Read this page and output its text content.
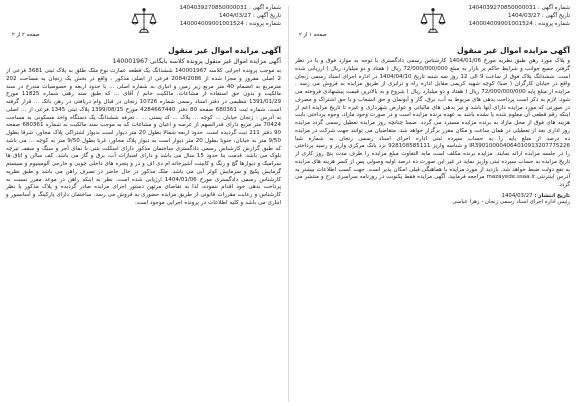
شماره آگهی : 1404039270850000031
تاریخ آگهی : 1404/03/27
شماره پرونده : 140004009001001524
صفحه ۱ از ۲
آگهی مزایده اموال غیر منقول

و پلاک مورد رهن طبق نظریه مورخ 1404/01/06 کارشناس رسمی دادگستری با توجه به موارد فوق و با در نظر گرفتن جمیع جوانب و شرایط حاکم بر بازار به مبلغ 72/000/000/000 ریال ( هفتاد و دو میلیارد ریال ) ارزیابی شده است. ششدانگ پلاک فوق از ساعت 9 الی 12 روز سه شنبه تاریخ 1404/04/10 در اداره اجرای اسناد رسمی زنجان واقع در خیابان کارگران ( ضیا) کوچه شهید کریمی مقابل اداره راه و ترابری از طریق مزایده به فروش می رسد . مزایده از مبلغ پایه 72/000/000/000 ریال ( هفتاد و دو میلیارد ریال ) شروع و به بالاترین قیمت پیشنهادی فروخته می شود. لازم به ذکر است پرداخت بدهی های مربوط به آب، برق، گاز و آبونمان و حق انشعاب و یا حق اشتراک و مصرف در صورتی که مورد مزایده دارای آنها باشد و نیز بدهی های مالیاتی و عوارض شهرداری و غیره تا تاریخ مزایده اعم از اینکه رقم قطعی آن معلوم شده یا نشده باشد به عهده برنده مزایده است و در صورت وجود مازاد، وجوه پرداختی بابت هزینه های فوق از محل مازاد به برنده مزایده مسترد می گردد. ضمنا چنانچه روز مزایده تعطیل رسمی گردد مزایده روز اداری بعد از تعطیلی در همان ساعت و مکان مقرر برگزار خواهد شد. متقاضیان می توانند جهت شرکت در مزایده ده درصد از مبلغ پایه را به حساب سپرده ثبتی اداره اجرای اسناد رسمی زنجان به شماره شبا IR390100004064010913207775226 و شناسه واریز 928108585111 نزد بانک مرکزی واریز و رسید پرداختی را در جلسه مزایده ارائه نمایند. مزایده برنده مکلف است مابه التفاوت مبلغ مزایده را ظرف مدت پنج روز کاری از تاریخ مزایده به حساب سپرده ثبتی واریز نماید در غیر این صورت ده درصد اولیه وصولی پس از کسر هزینه های مزایده به نفع دولت ضبط خواهد شد. بازدید از مورد مزایده با هماهنگی قبلی امکان پذیر است. جهت کسب اطلاعات بیشتر به آدرس اینترنتی mazayede.ssaa.ir مراجعه فرمایید. آگهی مزایده فقط یکنوبت در روزنامه سراسری درج و منتشر می گردد.

تاریخ انتشار : 1404/03/27
رئیس اداره اجرای اسناد رسمی زنجان - زهرا عباسی
شماره آگهی : 1404039270850000031
تاریخ آگهی : 1404/03/27
شماره پرونده : 140004009001001524
صفحه ۲ از ۲
آگهی مزایده اموال غیر منقول
آگهی مزایده اموال غیر منقول پرونده کلاسه بایگانی 140001967

به موجب پرونده اجرایی کلاسه 140001967 ششدانگ یک قطعه عمارت نوع ملک طلق به پلاک ثبتی 3681 فرعی از 2 اصلی مفروز و مجزا شده از 2084/2086 فرعی از اصلی مذکور ، واقع در بخش یک زنجان به مساحت 202 مترمربع به انضمام 40 متر مربع زیر زمین و انباری به شماره اصلی ... با حدود اربعه و خصوصیات مندرج در سند مالکیت و بدون حق استفاده از مشاعات. مالکیت خانم / آقای ... که طبق سند رهنی شماره 11825 مورخ 1391/01/29 تنظیمی در دفتر اسناد رسمی شماره 10726 زنجان در قبال وام دریافتی در رهن بانک ... قرار گرفته است. شماره ثبت 680361 صفحه 80 دفتر 4284667440 مورخ 1399/08/15 پلاک ثبتی 1345 فرعی از ... اصلی به آدرس : زنجان خیابان ... کوچه ... پلاک ... کد پستی ... . تعرفه ششدانگ یک دستگاه واحد مسکونی به مساحت 70424 متر مربع دارای قدرالسهم از عرصه و اعیان و مشاعات که به موجب سند مالکیت به شماره 680361 صفحه 90 دفتر 211 ثبت گردیده است. حدود اربعه شمالا بطول 20 متر دیوار است بدیوار اشتراکی پلاک مجاور، شرقا بطول 9/50 متر به خیابان، جنوبا بطول 20 متر دیوار است به دیوار پلاک مجاور، غربا بطول 9/50 متر به کوچه ... می باشد که طبق گزارش کارشناس رسمی دادگستری ساختمان مذکور دارای اسکلت بتنی با نمای آجر و سنگ و سقف تیرچه بلوک می باشد. قدمت بنا حدود 15 سال می باشد و دارای امتیازات آب، برق و گاز می باشد. کف سالن و اتاق ها سرامیک و دیوارها گچ و رنگ و کابینت آشپزخانه ام دی اف و در و پنجره های داخلی چوبی و خارجی آلومینیوم و سیستم گرمایش پکیج و سرمایش کولر آبی می باشد. ملک مذکور در حال حاضر در تصرف راهن می باشد و طبق نظریه کارشناس رسمی دادگستری مورخ 1404/01/06 ارزیابی شده است. نظر به اینکه راهن در موعد مقرر نسبت به پرداخت بدهی خود اقدام ننموده، لذا به تقاضای مرتهن دستور اجرای مزایده صادر گردیده و پلاک مذکور با نظر کارشناس و رعایت مقررات قانونی از طریق مزایده حضوری به فروش می رسد. ساختمان دارای پارکینگ و آسانسور و انباری می باشد و کلیه اطلاعات در پرونده اجرایی موجود است.
